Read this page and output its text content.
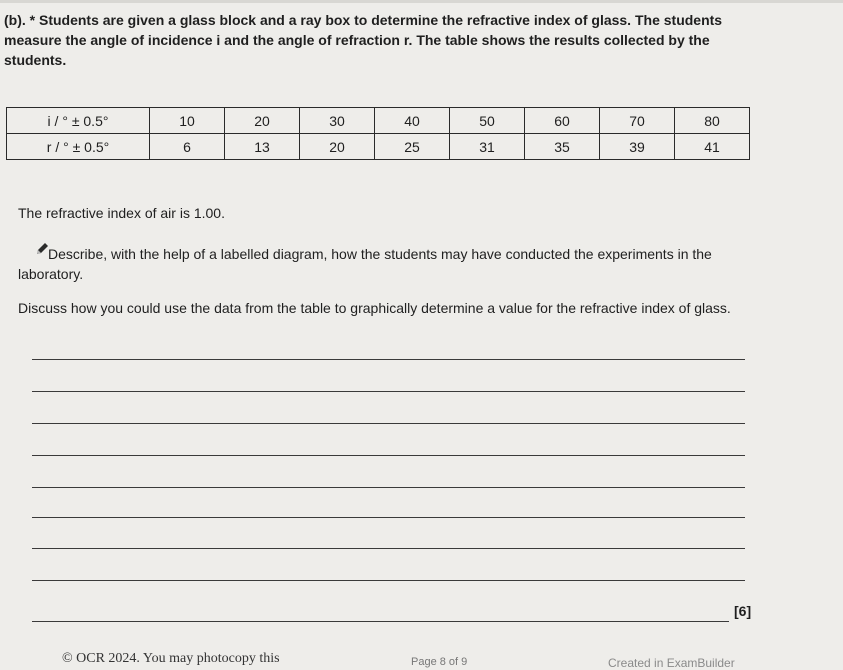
(b). * Students are given a glass block and a ray box to determine the refractive index of glass. The students measure the angle of incidence i and the angle of refraction r. The table shows the results collected by the students.
i / ° ± 0.5°	10	20	30	40	50	60	70	80
r / ° ± 0.5°	6	13	20	25	31	35	39	41
The refractive index of air is 1.00.
Describe, with the help of a labelled diagram, how the students may have conducted the experiments in the laboratory.
Discuss how you could use the data from the table to graphically determine a value for the refractive index of glass.
[6]
© OCR 2024. You may photocopy this	Page 8 of 9	Created in ExamBuilder
